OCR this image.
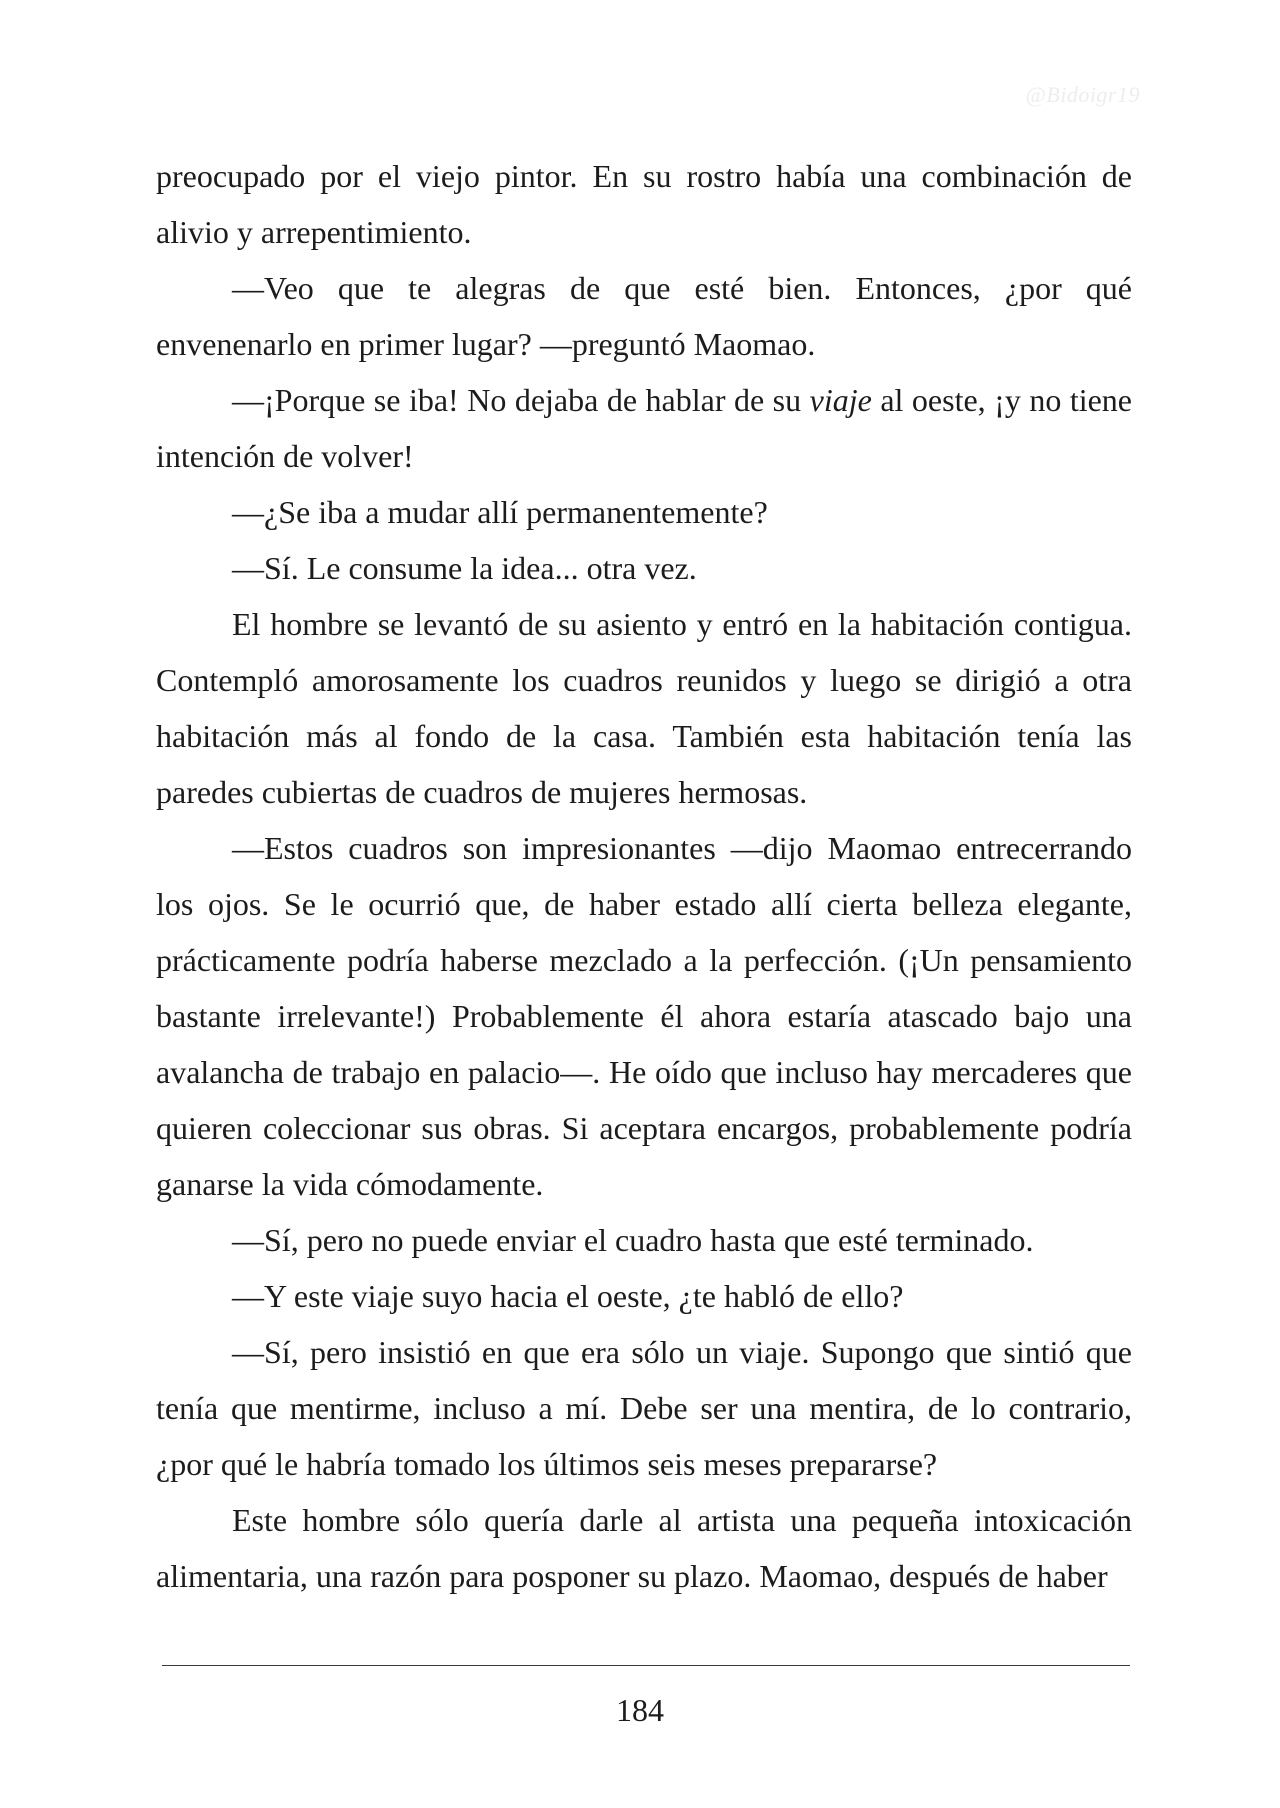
@Bidoigr19

preocupado por el viejo pintor. En su rostro había una combinación de alivio y arrepentimiento.

—Veo que te alegras de que esté bien. Entonces, ¿por qué envenenarlo en primer lugar? —preguntó Maomao.

—¡Porque se iba! No dejaba de hablar de su viaje al oeste, ¡y no tiene intención de volver!

—¿Se iba a mudar allí permanentemente?

—Sí. Le consume la idea... otra vez.

El hombre se levantó de su asiento y entró en la habitación contigua. Contempló amorosamente los cuadros reunidos y luego se dirigió a otra habitación más al fondo de la casa. También esta habitación tenía las paredes cubiertas de cuadros de mujeres hermosas.

—Estos cuadros son impresionantes —dijo Maomao entrecerrando los ojos. Se le ocurrió que, de haber estado allí cierta belleza elegante, prácticamente podría haberse mezclado a la perfección. (¡Un pensamiento bastante irrelevante!) Probablemente él ahora estaría atascado bajo una avalancha de trabajo en palacio—. He oído que incluso hay mercaderes que quieren coleccionar sus obras. Si aceptara encargos, probablemente podría ganarse la vida cómodamente.

—Sí, pero no puede enviar el cuadro hasta que esté terminado.

—Y este viaje suyo hacia el oeste, ¿te habló de ello?

—Sí, pero insistió en que era sólo un viaje. Supongo que sintió que tenía que mentirme, incluso a mí. Debe ser una mentira, de lo contrario, ¿por qué le habría tomado los últimos seis meses prepararse?

Este hombre sólo quería darle al artista una pequeña intoxicación alimentaria, una razón para posponer su plazo. Maomao, después de haber

184
